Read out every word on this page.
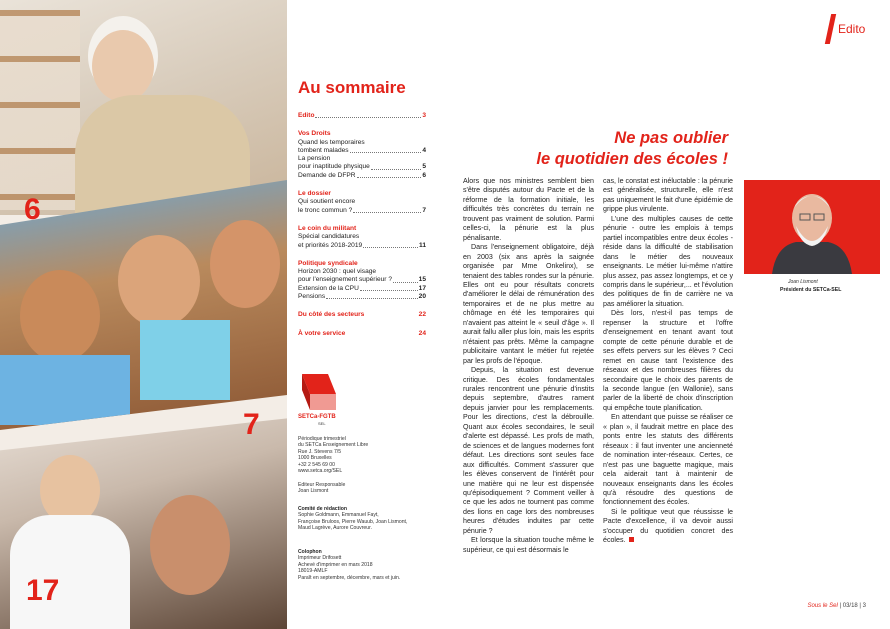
6
7
17
Au sommaire
Edito	3
Vos Droits
Quand les temporaires
tombent malades	4
La pension
pour inaptitude physique	5
Demande de DFPR	6
Le dossier
Qui soutient encore
le tronc commun ?	7
Le coin du militant
Spécial candidatures
et priorités 2018-2019	11
Politique syndicale
Horizon 2030 : quel visage
pour l'enseignement supérieur ?	15
Extension de la CPU	17
Pensions	20
Du côté des secteurs	22
À votre service	24
SETCa-FGTB
SEL
Périodique trimestriel
du SETCa Enseignement Libre
Rue J. Stevens 7/5
1000 Bruxelles
+32 2 545 69 00
www.setca.org/SEL
Editeur Responsable
Joan Lismont
Comité de rédaction
Sophie Goldmann, Emmanuel Fayt,
Françoise Bruloos, Pierre Wauub, Joan Lismont,
Maud Lagrève, Aurore Couvreur.
Colophon
Imprimeur Drifosett
Achevé d'imprimer en mars 2018
18019-AMLF
Paraît en septembre, décembre, mars et juin.
Edito
Ne pas oublier
le quotidien des écoles !

Alors que nos ministres semblent bien s'être disputés autour du Pacte et de la réforme de la formation initiale, les difficultés très concrètes du terrain ne trouvent pas vraiment de solution. Parmi celles-ci, la pénurie est la plus pénalisante.

Dans l'enseignement obligatoire, déjà en 2003 (six ans après la saignée organisée par Mme Onkelinx), se tenaient des tables rondes sur la pénurie. Elles ont eu pour résultats concrets d'améliorer le délai de rémunération des temporaires et de ne plus mettre au chômage en été les temporaires qui n'avaient pas atteint le « seuil d'âge ». Il aurait fallu aller plus loin, mais les esprits n'étaient pas prêts. Même la campagne publicitaire vantant le métier fut rejetée par les profs de l'époque.

Depuis, la situation est devenue critique. Des écoles fondamentales rurales rencontrent une pénurie d'instits depuis septembre, d'autres rament depuis janvier pour les remplacements. Pour les directions, c'est la débrouille. Quant aux écoles secondaires, le seuil d'alerte est dépassé. Les profs de math, de sciences et de langues modernes font défaut. Les directions sont seules face aux difficultés. Comment s'assurer que les élèves conservent de l'intérêt pour une matière qui ne leur est dispensée qu'épisodiquement ? Comment veiller à ce que les ados ne tournent pas comme des lions en cage lors des nombreuses heures d'études induites par cette pénurie ?

Et lorsque la situation touche même le supérieur, ce qui est désormais le

cas, le constat est inéluctable : la pénurie est généralisée, structurelle, elle n'est pas uniquement le fait d'une épidémie de grippe plus virulente.

L'une des multiples causes de cette pénurie - outre les emplois à temps partiel incompatibles entre deux écoles - réside dans la difficulté de stabilisation dans le métier des nouveaux enseignants. Le métier lui-même n'attire plus assez, pas assez longtemps, et ce y compris dans le supérieur,... et l'évolution des politiques de fin de carrière ne va pas améliorer la situation.

Dès lors, n'est-il pas temps de repenser la structure et l'offre d'enseignement en tenant avant tout compte de cette pénurie durable et de ses effets pervers sur les élèves ? Ceci remet en cause tant l'existence des réseaux et des nombreuses filières du secondaire que le choix des parents de la seconde langue (en Wallonie), sans parler de la liberté de choix d'inscription qui empêche toute planification.

En attendant que puisse se réaliser ce « plan », il faudrait mettre en place des ponts entre les statuts des différents réseaux : il faut inventer une ancienneté de nomination inter-réseaux. Certes, ce n'est pas une baguette magique, mais cela aiderait tant à maintenir de nouveaux enseignants dans les écoles qu'à résoudre des questions de fonctionnement des écoles.

Si le politique veut que réussisse le Pacte d'excellence, il va devoir aussi s'occuper du quotidien concret des écoles.

Joan Lismont
Président du SETCa-SEL
Sous le Sel | 03/18 | 3
